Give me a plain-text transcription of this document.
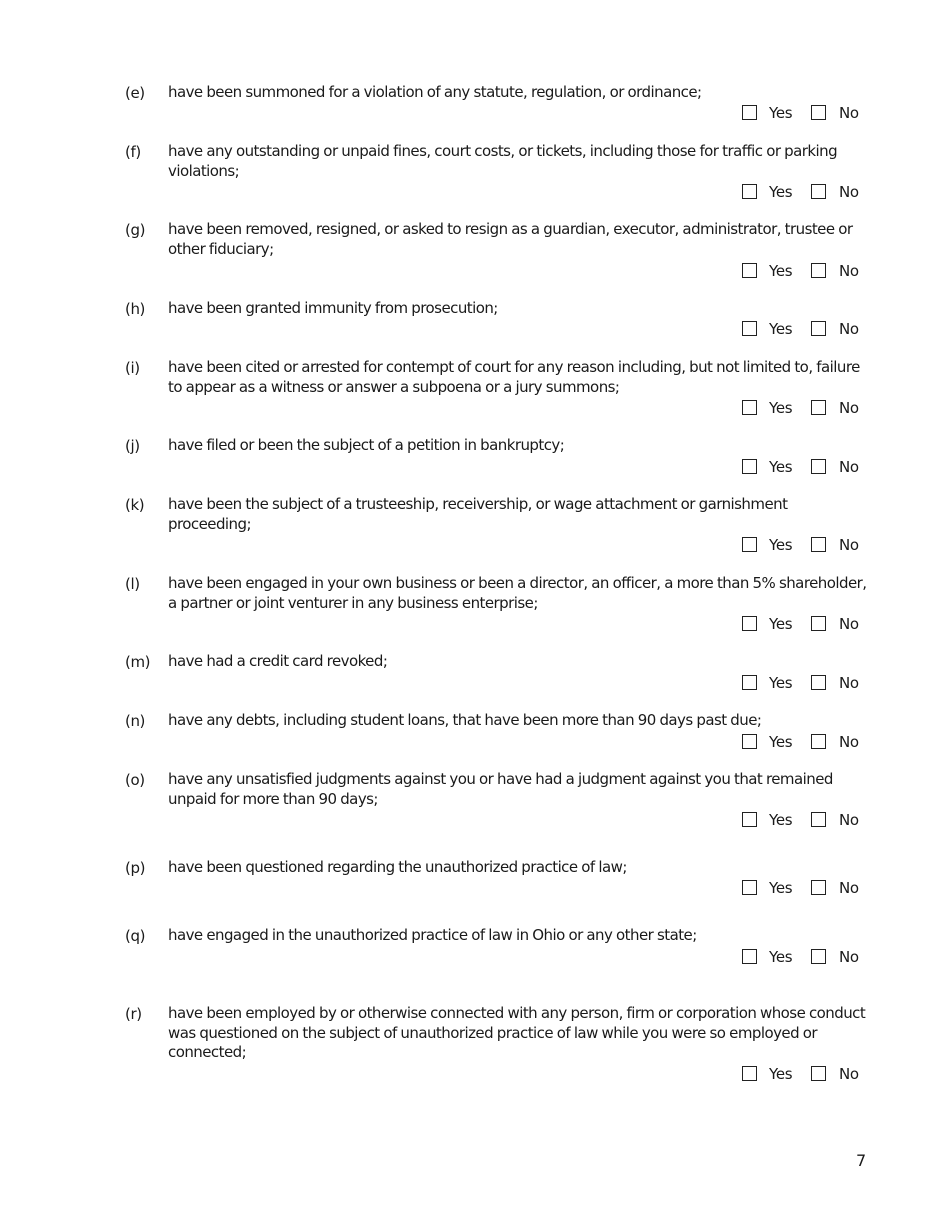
(e) have been summoned for a violation of any statute, regulation, or ordinance;
Yes	No
(f) have any outstanding or unpaid fines, court costs, or tickets, including those for traffic or parking violations;
Yes	No
(g) have been removed, resigned, or asked to resign as a guardian, executor, administrator, trustee or other fiduciary;
Yes	No
(h) have been granted immunity from prosecution;
Yes	No
(i) have been cited or arrested for contempt of court for any reason including, but not limited to, failure to appear as a witness or answer a subpoena or a jury summons;
Yes	No
(j) have filed or been the subject of a petition in bankruptcy;
Yes	No
(k) have been the subject of a trusteeship, receivership, or wage attachment or garnishment proceeding;
Yes	No
(l) have been engaged in your own business or been a director, an officer, a more than 5% shareholder, a partner or joint venturer in any business enterprise;
Yes	No
(m) have had a credit card revoked;
Yes	No
(n) have any debts, including student loans, that have been more than 90 days past due;
Yes	No
(o) have any unsatisfied judgments against you or have had a judgment against you that remained unpaid for more than 90 days;
Yes	No
(p) have been questioned regarding the unauthorized practice of law;
Yes	No
(q) have engaged in the unauthorized practice of law in Ohio or any other state;
Yes	No
(r) have been employed by or otherwise connected with any person, firm or corporation whose conduct was questioned on the subject of unauthorized practice of law while you were so employed or connected;
Yes	No
7
